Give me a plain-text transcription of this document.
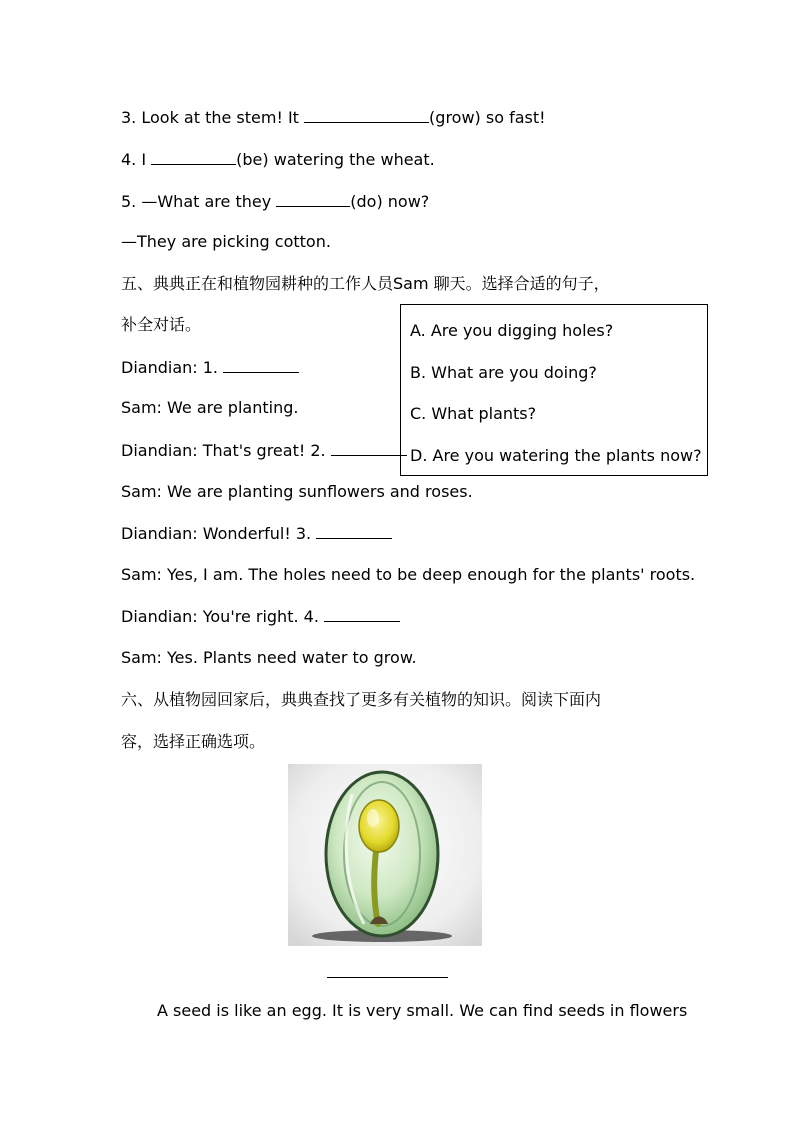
3. Look at the stem! It	(grow) so fast!
4. I	(be) watering the wheat.
5. —What are they	(do) now?
—They are picking cotton.
五、典典正在和植物园耕种的工作人员Sam 聊天。选择合适的句子，
补全对话。	A. Are you digging holes?
B. What are you doing?
C. What plants?
D. Are you watering the plants now?
Diandian: 1.
Sam: We are planting.
Diandian: That's great! 2.
Sam: We are planting sunflowers and roses.
Diandian: Wonderful! 3.
Sam: Yes, I am. The holes need to be deep enough for the plants' roots.
Diandian: You're right. 4.
Sam: Yes. Plants need water to grow.
六、从植物园回家后，典典查找了更多有关植物的知识。阅读下面内
容，选择正确选项。
A seed is like an egg. It is very small. We can find seeds in flowers
